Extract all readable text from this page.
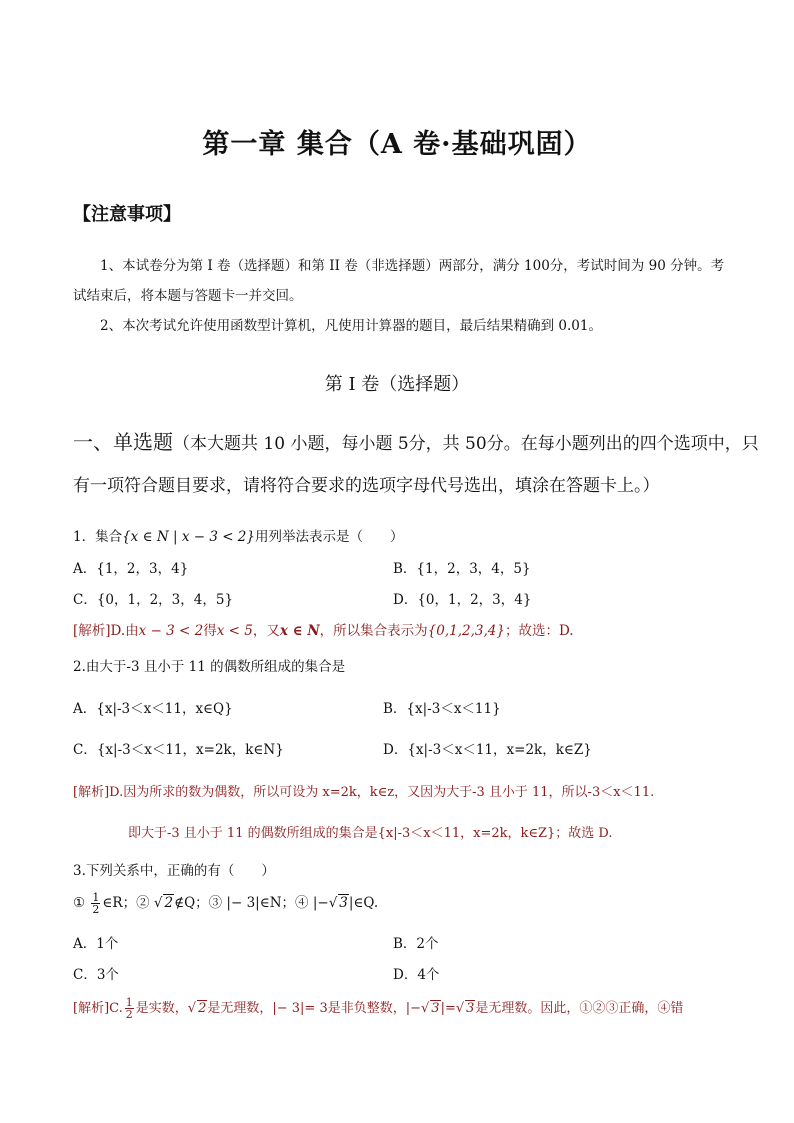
第一章 集合（A 卷·基础巩固）
【注意事项】
1、本试卷分为第 I 卷（选择题）和第 II 卷（非选择题）两部分，满分 100分，考试时间为 90 分钟。考
试结束后，将本题与答题卡一并交回。
2、本次考试允许使用函数型计算机，凡使用计算器的题目，最后结果精确到 0.01。
第 I 卷（选择题）
一、单选题（本大题共 10 小题，每小题 5分，共 50分。在每小题列出的四个选项中，只
有一项符合题目要求，请将符合要求的选项字母代号选出，填涂在答题卡上。）
1．集合{x ∈ N | x − 3 < 2}用列举法表示是（　　）
A．{1，2，3，4}	B．{1，2，3，4，5}
C．{0，1，2，3，4，5}	D．{0，1，2，3，4}
[解析]D.由x − 3 < 2得x < 5，又x ∈ N，所以集合表示为{0,1,2,3,4}；故选：D.
2.由大于-3 且小于 11 的偶数所组成的集合是
A．{x|-3＜x＜11，x∈Q}	B．{x|-3＜x＜11}
C．{x|-3＜x＜11，x=2k，k∈N}	D．{x|-3＜x＜11，x=2k，k∈Z}
[解析]D.因为所求的数为偶数，所以可设为 x=2k，k∈z，又因为大于-3 且小于 11，所以-3＜x＜11.
即大于-3 且小于 11 的偶数所组成的集合是{x|-3＜x＜11，x=2k，k∈Z}；故选 D.
3.下列关系中，正确的有（　　）
① $\frac{1}{2}$ ∈R；② √ 2∉Q；③ |− 3|∈N；④ |−√ 3|∈Q.
A．1个	B．2个
C．3个	D．4个
[解析]C. $\frac{1}{2}$ 是实数，√ 2是无理数，|− 3|= 3是非负整数，|−√ 3|=√ 3是无理数。因此，①②③正确，④错
